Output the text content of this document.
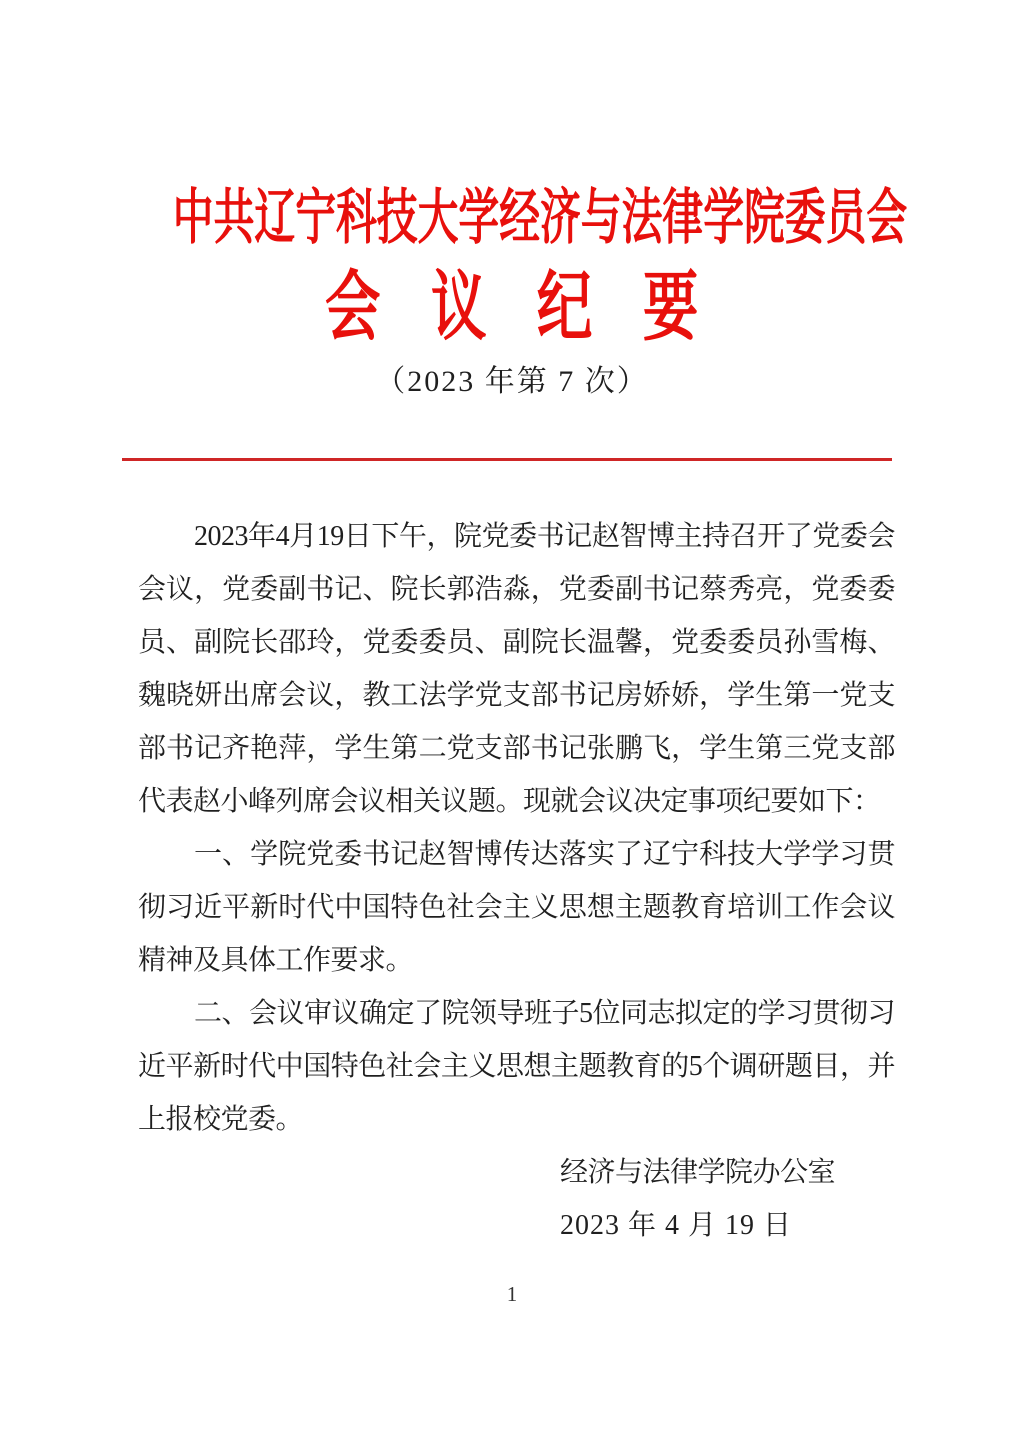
中共辽宁科技大学经济与法律学院委员会
会 议 纪 要
（2023 年第 7 次）

2023年4月19日下午，院党委书记赵智博主持召开了党委会会议，党委副书记、院长郭浩淼，党委副书记蔡秀亮，党委委员、副院长邵玲，党委委员、副院长温馨，党委委员孙雪梅、魏晓妍出席会议，教工法学党支部书记房娇娇，学生第一党支部书记齐艳萍，学生第二党支部书记张鹏飞，学生第三党支部代表赵小峰列席会议相关议题。现就会议决定事项纪要如下：

一、学院党委书记赵智博传达落实了辽宁科技大学学习贯彻习近平新时代中国特色社会主义思想主题教育培训工作会议精神及具体工作要求。

二、会议审议确定了院领导班子5位同志拟定的学习贯彻习近平新时代中国特色社会主义思想主题教育的5个调研题目，并上报校党委。

经济与法律学院办公室

2023 年 4 月 19 日

1
